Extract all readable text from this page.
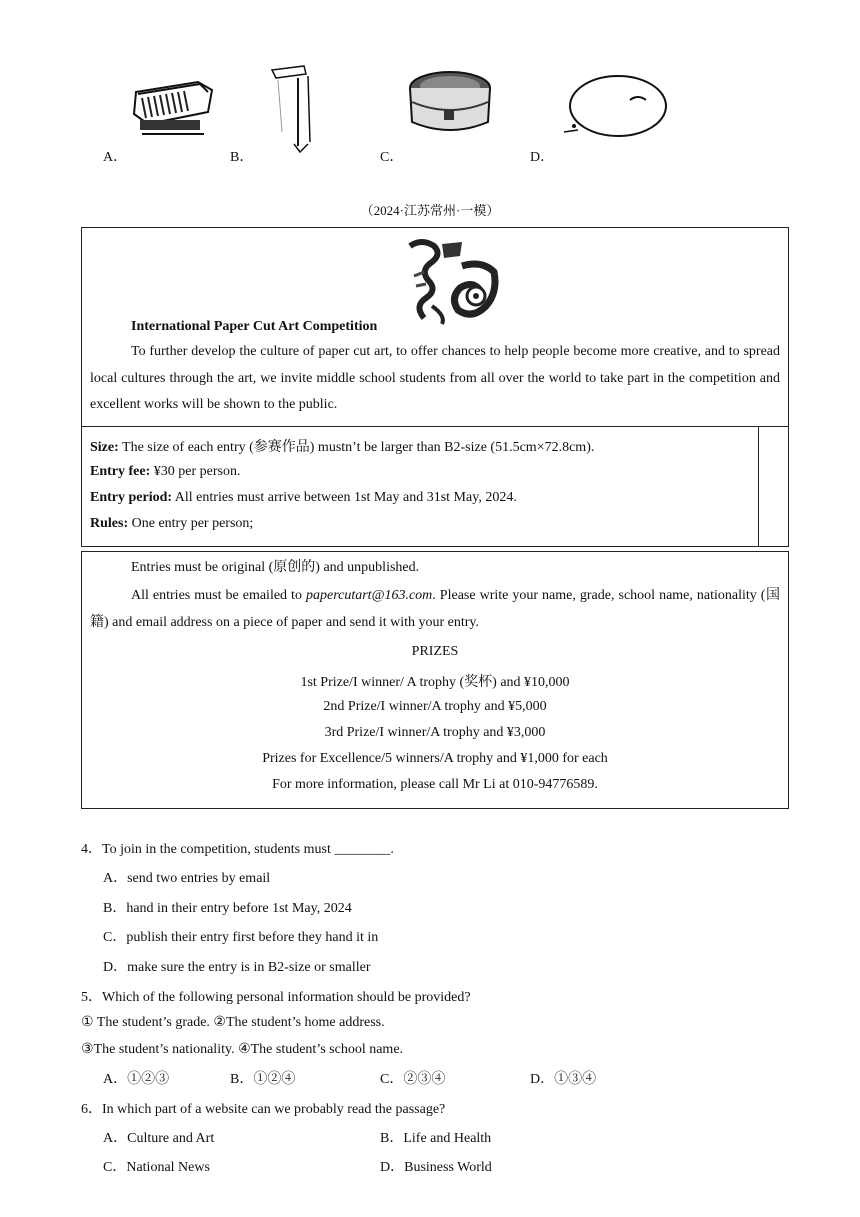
A．	B．	C．	D．
（2024·江苏常州·一模）
International Paper Cut Art Competition
To further develop the culture of paper cut art, to offer chances to help people become more creative, and to spread local cultures through the art, we invite middle school students from all over the world to take part in the competition and excellent works will be shown to the public.
Size: The size of each entry (参赛作品) mustn’t be larger than B2-size (51.5cm×72.8cm).
Entry fee: ¥30 per person.
Entry period: All entries must arrive between 1st May and 31st May, 2024.
Rules: One entry per person;
Entries must be original (原创的) and unpublished.
All entries must be emailed to papercutart@163.com. Please write your name, grade, school name, nationality (国籍) and email address on a piece of paper and send it with your entry.
PRIZES
1st Prize/I winner/ A trophy (奖杯) and ¥10,000
2nd Prize/I winner/A trophy and ¥5,000
3rd Prize/I winner/A trophy and ¥3,000
Prizes for Excellence/5 winners/A trophy and ¥1,000 for each
For more information, please call Mr Li at 010-94776589.
4．To join in the competition, students must ________.
A．send two entries by email
B．hand in their entry before 1st May, 2024
C．publish their entry first before they hand it in
D．make sure the entry is in B2-size or smaller
5．Which of the following personal information should be provided?
① The student’s grade. ②The student’s home address.
③The student’s nationality. ④The student’s school name.
A．①②③	B．①②④	C．②③④	D．①③④
6．In which part of a website can we probably read the passage?
A．Culture and Art	B．Life and Health
C．National News	D．Business World
